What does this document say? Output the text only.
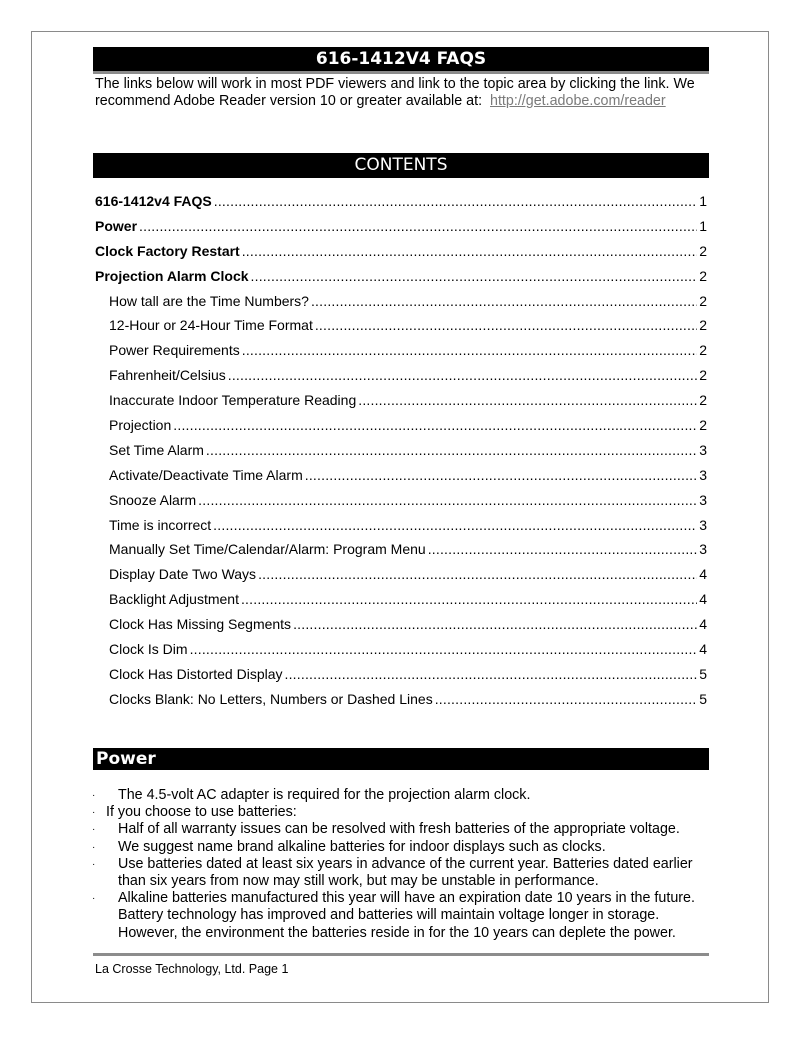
616-1412V4 FAQS
The links below will work in most PDF viewers and link to the topic area by clicking the link. We recommend Adobe Reader version 10 or greater available at: http://get.adobe.com/reader
CONTENTS
616-1412v4 FAQS .....	1
Power .....	1
Clock Factory Restart .....	2
Projection Alarm Clock .....	2
How tall are the Time Numbers? .....	2
12-Hour or 24-Hour Time Format .....	2
Power Requirements .....	2
Fahrenheit/Celsius .....	2
Inaccurate Indoor Temperature Reading .....	2
Projection .....	2
Set Time Alarm .....	3
Activate/Deactivate Time Alarm .....	3
Snooze Alarm .....	3
Time is incorrect .....	3
Manually Set Time/Calendar/Alarm: Program Menu .....	3
Display Date Two Ways .....	4
Backlight Adjustment .....	4
Clock Has Missing Segments .....	4
Clock Is Dim .....	4
Clock Has Distorted Display .....	5
Clocks Blank: No Letters, Numbers or Dashed Lines .....	5
Power
· The 4.5-volt AC adapter is required for the projection alarm clock.
· If you choose to use batteries:
· Half of all warranty issues can be resolved with fresh batteries of the appropriate voltage.
· We suggest name brand alkaline batteries for indoor displays such as clocks.
· Use batteries dated at least six years in advance of the current year. Batteries dated earlier than six years from now may still work, but may be unstable in performance.
· Alkaline batteries manufactured this year will have an expiration date 10 years in the future. Battery technology has improved and batteries will maintain voltage longer in storage. However, the environment the batteries reside in for the 10 years can deplete the power.
La Crosse Technology, Ltd. Page 1
